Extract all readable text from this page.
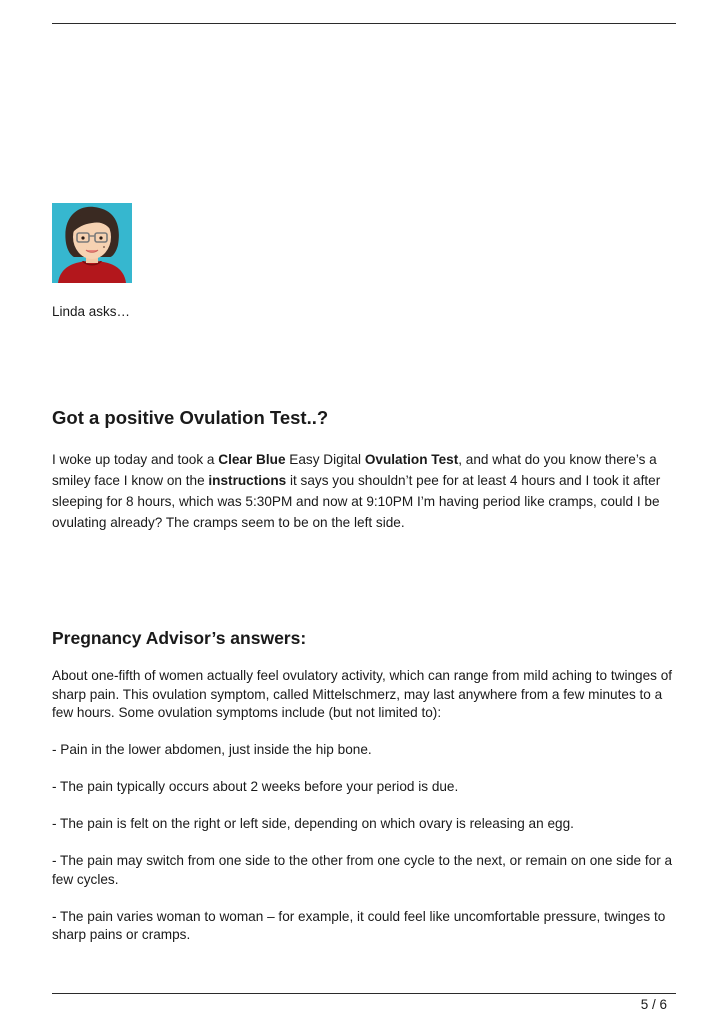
Linda asks…
Got a positive Ovulation Test..?

I woke up today and took a Clear Blue Easy Digital Ovulation Test, and what do you know there’s a smiley face I know on the instructions it says you shouldn’t pee for at least 4 hours and I took it after sleeping for 8 hours, which was 5:30PM and now at 9:10PM I’m having period like cramps, could I be ovulating already? The cramps seem to be on the left side.

Pregnancy Advisor’s answers:

About one-fifth of women actually feel ovulatory activity, which can range from mild aching to twinges of sharp pain. This ovulation symptom, called Mittelschmerz, may last anywhere from a few minutes to a few hours. Some ovulation symptoms include (but not limited to):

- Pain in the lower abdomen, just inside the hip bone.

- The pain typically occurs about 2 weeks before your period is due.

- The pain is felt on the right or left side, depending on which ovary is releasing an egg.

- The pain may switch from one side to the other from one cycle to the next, or remain on one side for a few cycles.

- The pain varies woman to woman – for example, it could feel like uncomfortable pressure, twinges to sharp pains or cramps.

5 / 6
